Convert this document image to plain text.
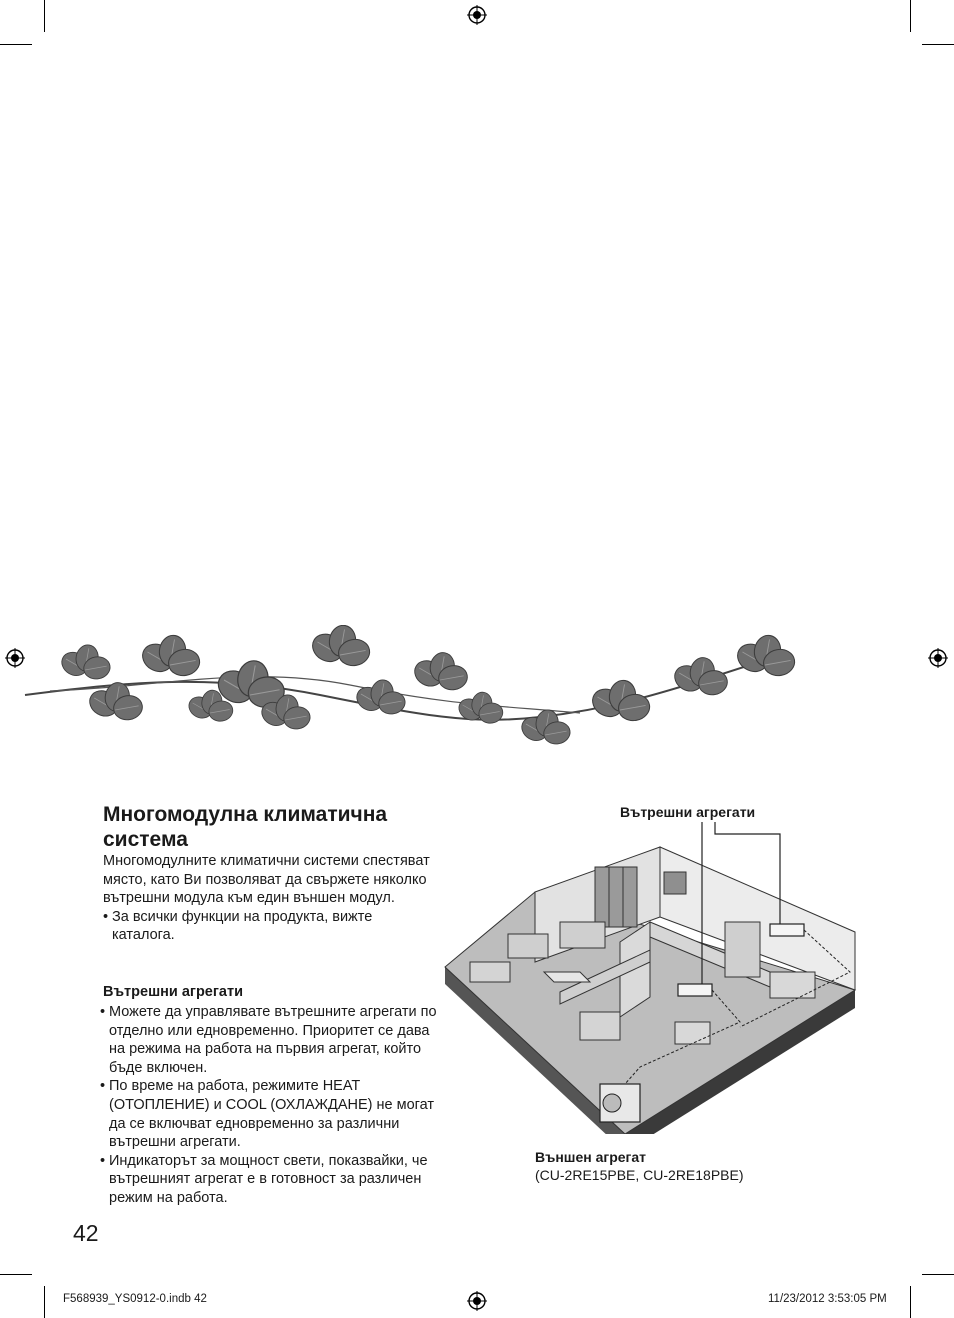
Многомодулна климатична система

Многомодулните климатични системи спестяват място, като Ви позволяват да свържете няколко вътрешни модула към един външен модул.

• За всички функции на продукта, вижте каталога.
Вътрешни агрегати
• Можете да управлявате вътрешните агрегати по отделно или едновременно. Приоритет се дава на режима на работа на първия агрегат, който бъде включен.
• По време на работа, режимите HEAT (ОТОПЛЕНИЕ) и COOL (ОХЛАЖДАНЕ) не могат да се включват едновременно за различни вътрешни агрегати.
• Индикаторът за мощност свети, показвайки, че вътрешният агрегат е в готовност за различен режим на работа.
42
Вътрешни агрегати
Външен агрегат
(CU-2RE15PBE, CU-2RE18PBE)
F568939_YS0912-0.indb 42	11/23/2012 3:53:05 PM
